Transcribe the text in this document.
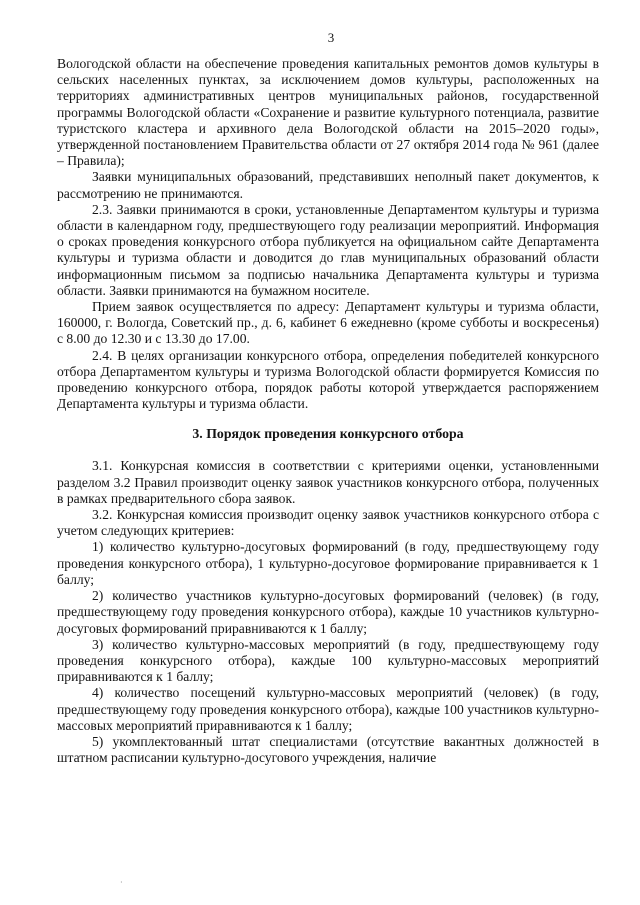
3

Вологодской области на обеспечение проведения капитальных ремонтов домов культуры в сельских населенных пунктах, за исключением домов культуры, расположенных на территориях административных центров муниципальных районов, государственной программы Вологодской области «Сохранение и развитие культурного потенциала, развитие туристского кластера и архивного дела Вологодской области на 2015–2020 годы», утвержденной постановлением Правительства области от 27 октября 2014 года № 961 (далее – Правила);

Заявки муниципальных образований, представивших неполный пакет документов, к рассмотрению не принимаются.

2.3. Заявки принимаются в сроки, установленные Департаментом культуры и туризма области в календарном году, предшествующего году реализации мероприятий. Информация о сроках проведения конкурсного отбора публикуется на официальном сайте Департамента культуры и туризма области и доводится до глав муниципальных образований области информационным письмом за подписью начальника Департамента культуры и туризма области. Заявки принимаются на бумажном носителе.

Прием заявок осуществляется по адресу: Департамент культуры и туризма области, 160000, г. Вологда, Советский пр., д. 6, кабинет 6 ежедневно (кроме субботы и воскресенья) с 8.00 до 12.30 и с 13.30 до 17.00.

2.4. В целях организации конкурсного отбора, определения победителей конкурсного отбора Департаментом культуры и туризма Вологодской области формируется Комиссия по проведению конкурсного отбора, порядок работы которой утверждается распоряжением Департамента культуры и туризма области.

3. Порядок проведения конкурсного отбора

3.1. Конкурсная комиссия в соответствии с критериями оценки, установленными разделом 3.2 Правил производит оценку заявок участников конкурсного отбора, полученных в рамках предварительного сбора заявок.

3.2. Конкурсная комиссия производит оценку заявок участников конкурсного отбора с учетом следующих критериев:

1) количество культурно-досуговых формирований (в году, предшествующему году проведения конкурсного отбора), 1 культурно-досуговое формирование приравнивается к 1 баллу;

2) количество участников культурно-досуговых формирований (человек) (в году, предшествующему году проведения конкурсного отбора), каждые 10 участников культурно-досуговых формирований приравниваются к 1 баллу;

3) количество культурно-массовых мероприятий (в году, предшествующему году проведения конкурсного отбора), каждые 100 культурно-массовых мероприятий приравниваются к 1 баллу;

4) количество посещений культурно-массовых мероприятий (человек) (в году, предшествующему году проведения конкурсного отбора), каждые 100 участников культурно-массовых мероприятий приравниваются к 1 баллу;

5) укомплектованный штат специалистами (отсутствие вакантных должностей в штатном расписании культурно-досугового учреждения, наличие

·
